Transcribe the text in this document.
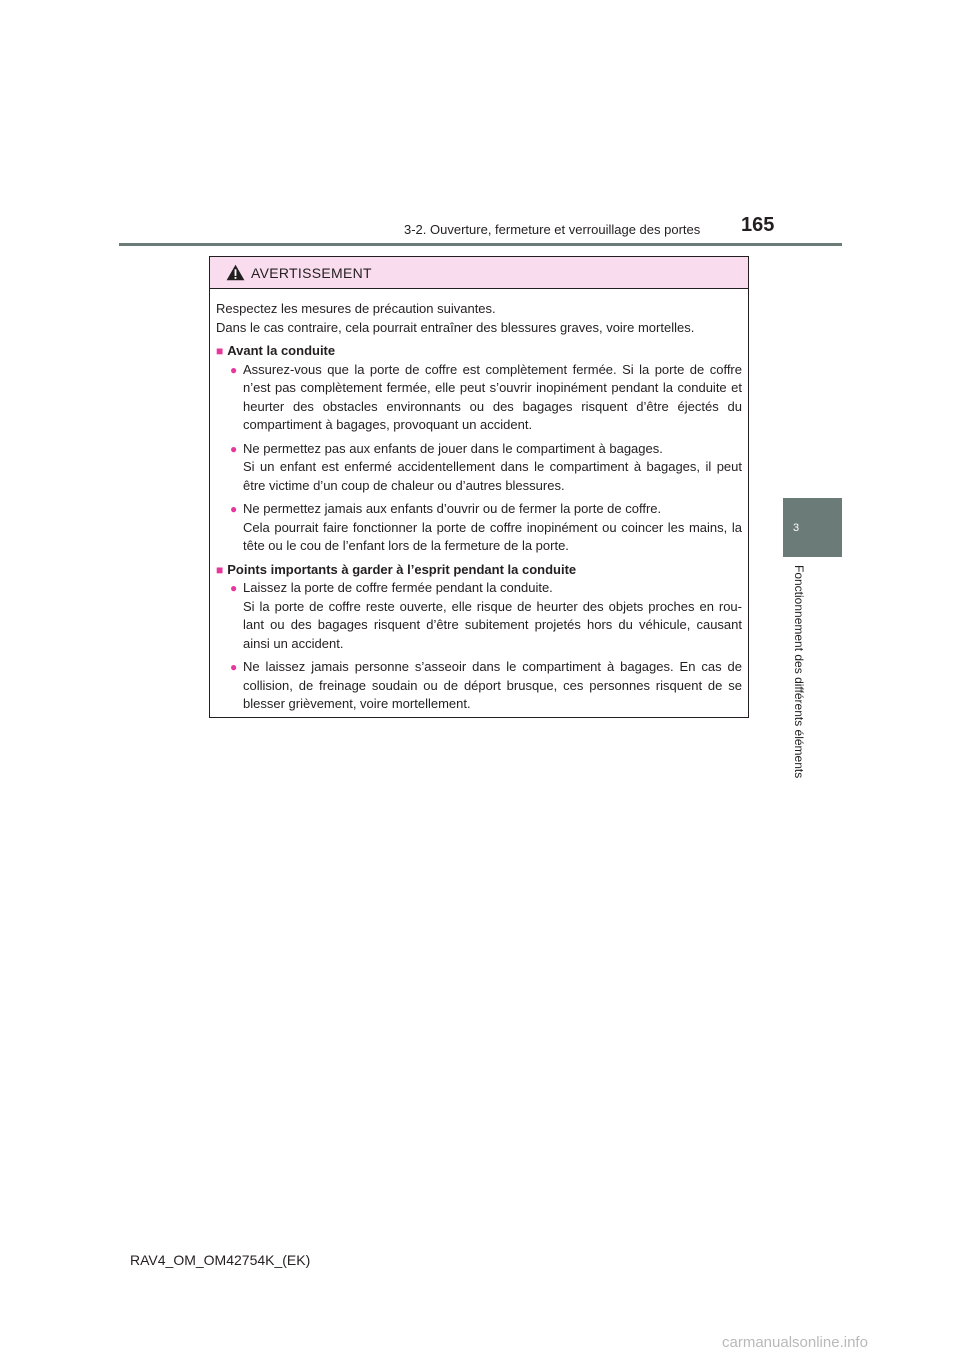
3-2. Ouverture, fermeture et verrouillage des portes 165
3
Fonctionnement des différents éléments
AVERTISSEMENT

Respectez les mesures de précaution suivantes.
Dans le cas contraire, cela pourrait entraîner des blessures graves, voire mortelles.

■ Avant la conduite

● Assurez-vous que la porte de coffre est complètement fermée. Si la porte de coffre n’est pas complètement fermée, elle peut s’ouvrir inopinément pendant la conduite et heurter des obstacles environnants ou des bagages risquent d’être éjectés du compartiment à bagages, provoquant un accident.
● Ne permettez pas aux enfants de jouer dans le compartiment à bagages.
Si un enfant est enfermé accidentellement dans le compartiment à bagages, il peut être victime d’un coup de chaleur ou d’autres blessures.
● Ne permettez jamais aux enfants d’ouvrir ou de fermer la porte de coffre.
Cela pourrait faire fonctionner la porte de coffre inopinément ou coincer les mains, la tête ou le cou de l’enfant lors de la fermeture de la porte.

■ Points importants à garder à l’esprit pendant la conduite

● Laissez la porte de coffre fermée pendant la conduite.
Si la porte de coffre reste ouverte, elle risque de heurter des objets proches en rou-lant ou des bagages risquent d’être subitement projetés hors du véhicule, causant ainsi un accident.
● Ne laissez jamais personne s’asseoir dans le compartiment à bagages. En cas de collision, de freinage soudain ou de déport brusque, ces personnes risquent de se blesser grièvement, voire mortellement.
RAV4_OM_OM42754K_(EK)
carmanualsonline.info
